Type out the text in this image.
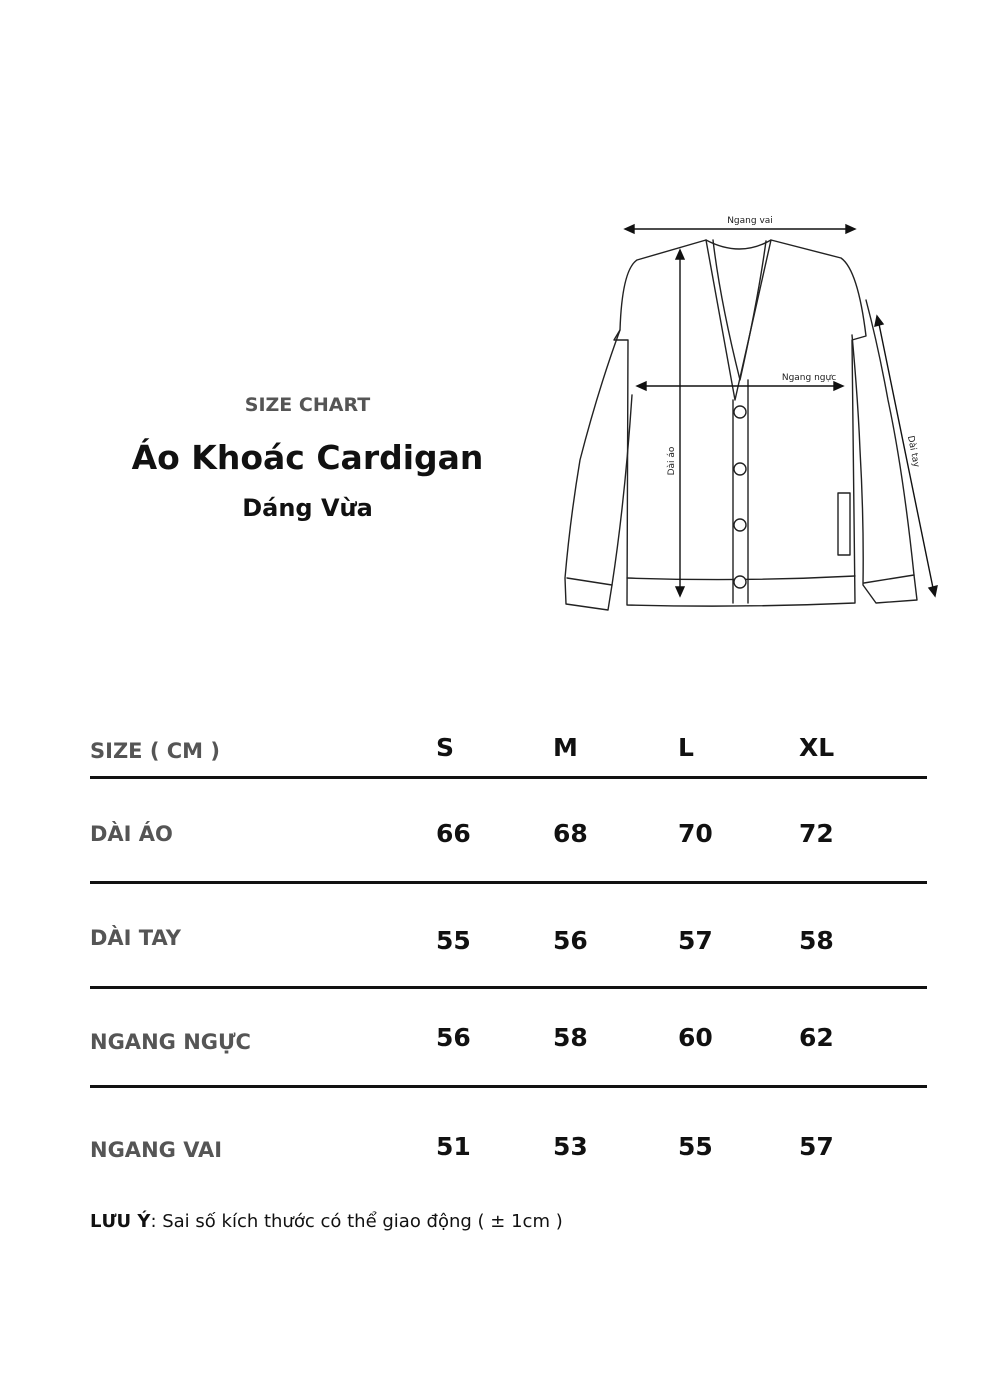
SIZE CHART
Áo Khoác Cardigan
Dáng Vừa
Ngang vai
Ngang ngực
Dài áo	Dài tay
SIZE ( CM )	S	M	L	XL
DÀI ÁO	66	68	70	72
DÀI TAY	55	56	57	58
NGANG NGỰC	56	58	60	62
NGANG VAI	51	53	55	57
LƯU Ý: Sai số kích thước có thể giao động ( ± 1cm )
